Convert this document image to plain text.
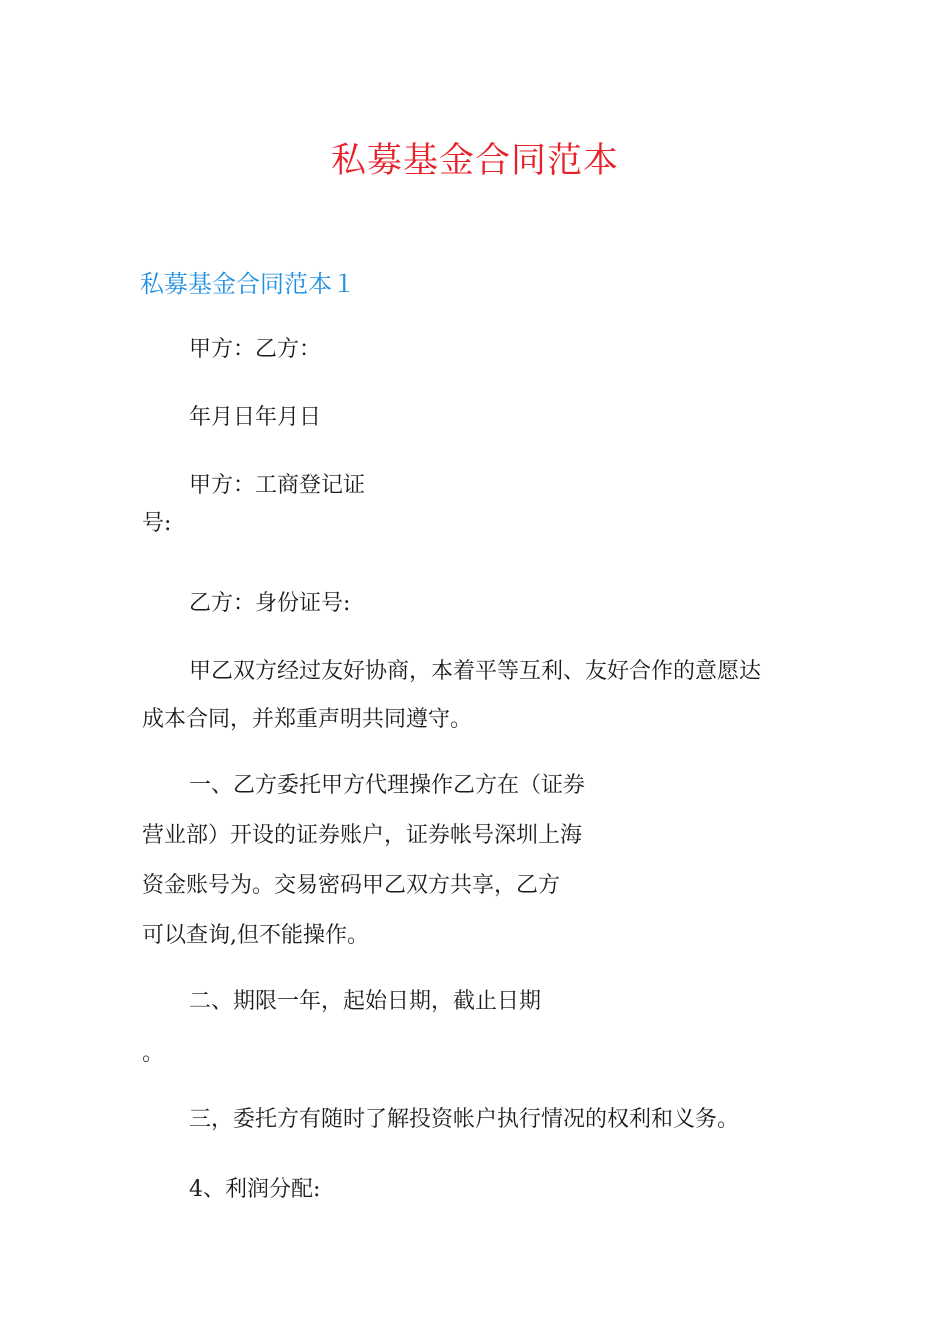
私募基金合同范本
私募基金合同范本１

甲方：乙方：

年月日年月日

甲方：工商登记证
号:

乙方：身份证号:

甲乙双方经过友好协商，本着平等互利、友好合作的意愿达
成本合同，并郑重声明共同遵守。

一、乙方委托甲方代理操作乙方在（证券
营业部）开设的证券账户，证券帐号深圳上海
资金账号为。交易密码甲乙双方共享，乙方
可以查询,但不能操作。

二、期限一年，起始日期，截止日期
。

三，委托方有随时了解投资帐户执行情况的权利和义务。

4、利润分配:
